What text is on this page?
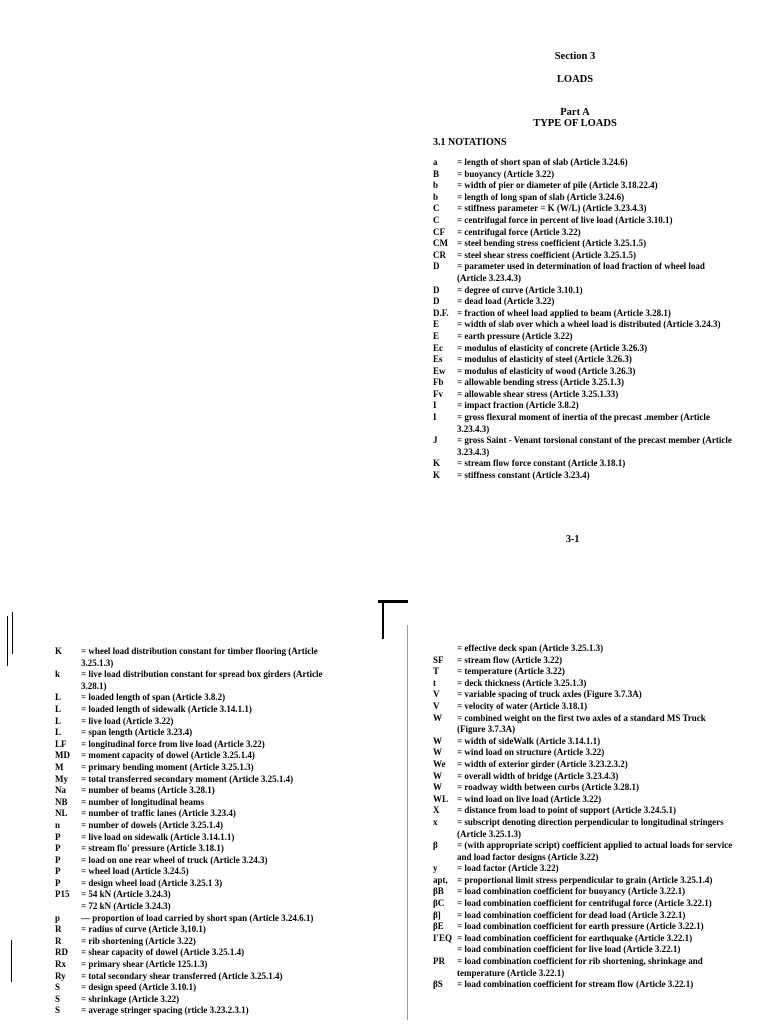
Section 3
LOADS
Part A
TYPE OF LOADS
3.1 NOTATIONS
a	= length of short span of slab (Article 3.24.6)
B	= buoyancy (Article 3.22)
b	= width of pier or diameter of pile (Article 3.18.22.4)
b	= length of long span of slab (Article 3.24.6)
C	= stiffness parameter = K (W/L) (Article 3.23.4.3)
C	= centrifugal force in percent of live load (Article 3.10.1)
CF	= centrifugal force (Article 3.22)
CM	= steel bending stress coefficient (Article 3.25.1.5)
CR	= steel shear stress coefficient (Article 3.25.1.5)
D	= parameter used in determination of load fraction of wheel load (Article 3.23.4.3)
D	= degree of curve (Article 3.10.1)
D	= dead load (Article 3.22)
D.F. = fraction of wheel load applied to beam (Article 3.28.1)
E	= width of slab over which a wheel load is distributed (Article 3.24.3)
E	= earth pressure (Article 3.22)
Ec	= modulus of elasticity of concrete (Article 3.26.3)
Es	= modulus of elasticity of steel (Article 3.26.3)
Ew	= modulus of elasticity of wood (Article 3.26.3)
Fb	= allowable bending stress (Article 3.25.1.3)
Fv	= allowable shear stress (Article 3.25.1.33)
I	= impact fraction (Article 3.8.2)
I	= gross flexural moment of inertia of the precast .member (Article 3.23.4.3)
J	= gross Saint - Venant torsional constant of the precast member (Article 3.23.4.3)
K	= stream flow force constant (Article 3.18.1)
K	= stiffness constant (Article 3.23.4)
3-1
K	= wheel load distribution constant for timber flooring (Article 3.25.1.3)
k	= live load distribution constant for spread box girders (Article 3.28.1)
L	= loaded length of span (Article 3.8.2)
L	= loaded length of sidewalk (Article 3.14.1.1)
L	= live load (Article 3.22)
L	= span length (Article 3.23.4)
LF	= longitudinal force from live load (Article 3.22)
MD	= moment capacity of dowel (Article 3.25.1.4)
M	= primary bending moment (Article 3.25.1.3)
My	= total transferred secondary moment (Article 3.25.1.4)
Na	= number of beams (Article 3.28.1)
NB	= number of longitudinal beams
NL	= number of traffic lanes (Article 3.23.4)
n	= number of dowels (Article 3.25.1.4)
P	= live load on sidewalk (Article 3.14.1.1)
P	= stream flo' pressure (Article 3.18.1)
P	= load on one rear wheel of truck (Article 3.24.3)
P	= wheel load (Article 3.24.5)
P	= design wheel load (Article 3.25.1 3)
P15	= 54 kN (Article 3.24.3)
= 72 kN (Article 3.24.3)
p	— proportion of load carried by short span (Article 3.24.6.1)
R	= radius of curve (Article 3,10.1)
R	= rib shortening (Article 3.22)
RD	= shear capacity of dowel (Article 3.25.1.4)
Rx	= primary shear (Article 125.1.3)
Ry	= total secondary shear transferred (Article 3.25.1.4)
S	= design speed (Article 3.10.1)
S	= shrinkage (Article 3.22)
S	= average stringer spacing (rticle 3.23.2.3.1)
= effective deck span (Article 3.25.1.3)
SF	= stream flow (Article 3.22)
T	= temperature (Article 3.22)
t	= deck thickness (Article 3.25.1.3)
V	= variable spacing of truck axles (Figure 3.7.3A)
V	= velocity of water (Article 3.18.1)
W	= combined weight on the first two axles of a standard MS Truck (Figure 3.7.3A)
W	= width of sideWalk (Article 3.14.1.1)
W	= wind load on structure (Article 3.22)
We	= width of exterior girder (Article 3.23.2.3.2)
W	= overall width of bridge (Article 3.23.4.3)
W	= roadway width between curbs (Article 3.28.1)
WL = wind load on live load (Article 3.22)
X	= distance from load to point of support (Article 3.24.5.1)
x	= subscript denoting direction perpendicular to longitudinal stringers (Article 3.25.1.3)
β	= (with appropriate script) coefficient applied to actual loads for service and load factor designs (Article 3.22)
y	= load factor (Article 3.22)
apt,	= proportional limit stress perpendicular to grain (Article 3.25.1.4)
βB	= load combination coefficient for buoyancy (Article 3.22.1)
βC	= load combination coefficient for centrifugal force (Article 3.22.1)
β]	= load combination coefficient for dead load (Article 3.22.1)
βE	= load combination coefficient for earth pressure (Article 3.22.1)
I'EQ = load combination coefficient for earthquake (Article 3.22.1)
= load combination coefficient for live load (Article 3.22.1)
PR	= load combination coefficient for rib shortening, shrinkage and temperature (Article 3.22.1)
βS	= load combination coefficient for stream flow (Article 3.22.1)
